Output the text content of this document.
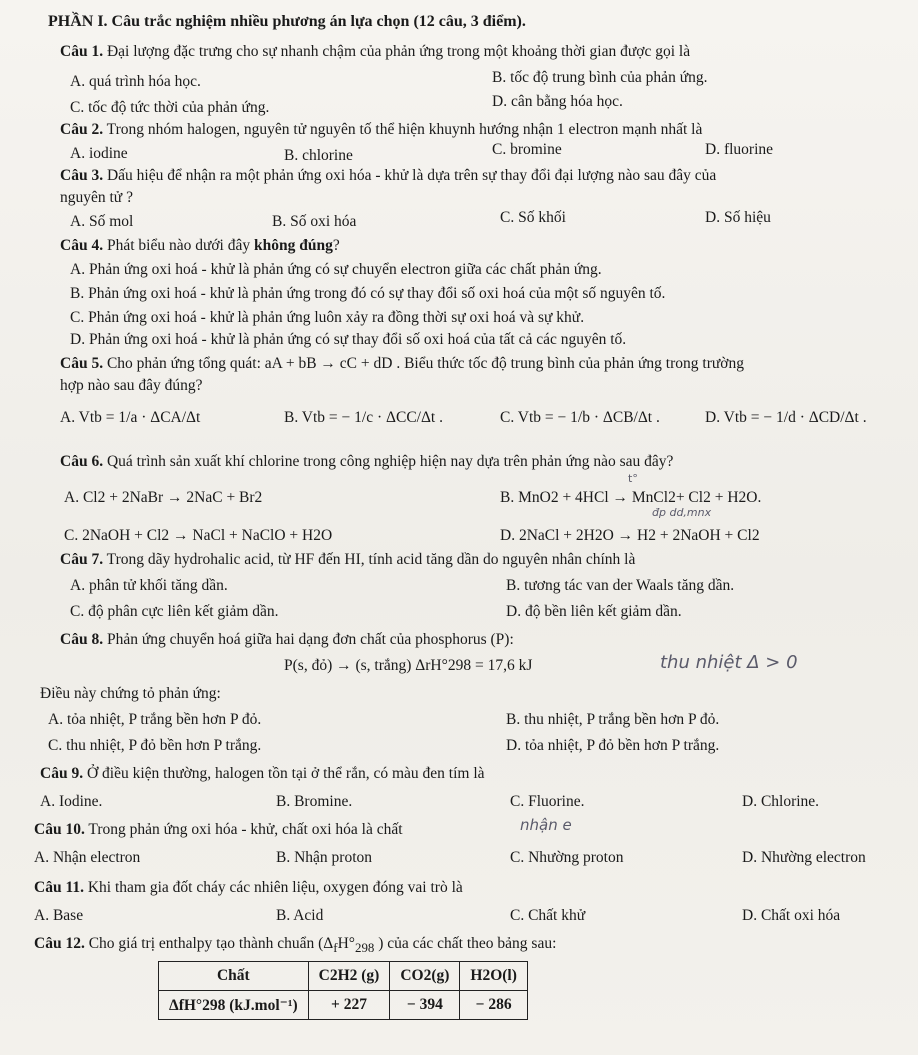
PHẦN I. Câu trắc nghiệm nhiều phương án lựa chọn (12 câu, 3 điểm).
Câu 1. Đại lượng đặc trưng cho sự nhanh chậm của phản ứng trong một khoảng thời gian được gọi là
A. quá trình hóa học.	B. tốc độ trung bình của phản ứng.
C. tốc độ tức thời của phản ứng.	D. cân bằng hóa học.
Câu 2. Trong nhóm halogen, nguyên tử nguyên tố thể hiện khuynh hướng nhận 1 electron mạnh nhất là
A. iodine	B. chlorine	C. bromine	D. fluorine
Câu 3. Dấu hiệu để nhận ra một phản ứng oxi hóa - khử là dựa trên sự thay đổi đại lượng nào sau đây của
nguyên tử ?
A. Số mol	B. Số oxi hóa	C. Số khối	D. Số hiệu
Câu 4. Phát biểu nào dưới đây không đúng?
A. Phản ứng oxi hoá - khử là phản ứng có sự chuyển electron giữa các chất phản ứng.
B. Phản ứng oxi hoá - khử là phản ứng trong đó có sự thay đổi số oxi hoá của một số nguyên tố.
C. Phản ứng oxi hoá - khử là phản ứng luôn xảy ra đồng thời sự oxi hoá và sự khử.
D. Phản ứng oxi hoá - khử là phản ứng có sự thay đổi số oxi hoá của tất cả các nguyên tố.
Câu 5. Cho phản ứng tổng quát: aA + bB → cC + dD . Biểu thức tốc độ trung bình của phản ứng trong trường
hợp nào sau đây đúng?
A. Vtb = 1/a · ΔCA/Δt	B. Vtb = − 1/c · ΔCC/Δt .	C. Vtb = − 1/b · ΔCB/Δt .	D. Vtb = − 1/d · ΔCD/Δt .
Câu 6. Quá trình sản xuất khí chlorine trong công nghiệp hiện nay dựa trên phản ứng nào sau đây?
A. Cl2 + 2NaBr → 2NaC + Br2
t°
B. MnO2 + 4HCl → MnCl2+ Cl2 + H2O.
C. 2NaOH + Cl2 → NaCl + NaClO + H2O
đp dd,mnx
D. 2NaCl + 2H2O → H2 + 2NaOH + Cl2
Câu 7. Trong dãy hydrohalic acid, từ HF đến HI, tính acid tăng dần do nguyên nhân chính là
A. phân tử khối tăng dần.	B. tương tác van der Waals tăng dần.
C. độ phân cực liên kết giảm dần.	D. độ bền liên kết giảm dần.
Câu 8. Phản ứng chuyển hoá giữa hai dạng đơn chất của phosphorus (P):
P(s, đỏ) → (s, trắng) ΔrH°298 = 17,6 kJ	thu nhiệt Δ > 0
Điều này chứng tỏ phản ứng:
A. tỏa nhiệt, P trắng bền hơn P đỏ.	B. thu nhiệt, P trắng bền hơn P đỏ.
C. thu nhiệt, P đỏ bền hơn P trắng.	D. tỏa nhiệt, P đỏ bền hơn P trắng.
Câu 9. Ở điều kiện thường, halogen tồn tại ở thể rắn, có màu đen tím là
A. Iodine.	B. Bromine.	C. Fluorine.	D. Chlorine.
Câu 10. Trong phản ứng oxi hóa - khử, chất oxi hóa là chất	nhận e
A. Nhận electron	B. Nhận proton	C. Nhường proton	D. Nhường electron
Câu 11. Khi tham gia đốt cháy các nhiên liệu, oxygen đóng vai trò là
A. Base	B. Acid	C. Chất khử	D. Chất oxi hóa
Câu 12. Cho giá trị enthalpy tạo thành chuẩn ($\Delta_fH^\circ_{298}$ ) của các chất theo bảng sau:
Chất	C2H2 (g)	CO2(g)	H2O(l)
ΔfH°298 (kJ.mol⁻¹)	+ 227	− 394	− 286
